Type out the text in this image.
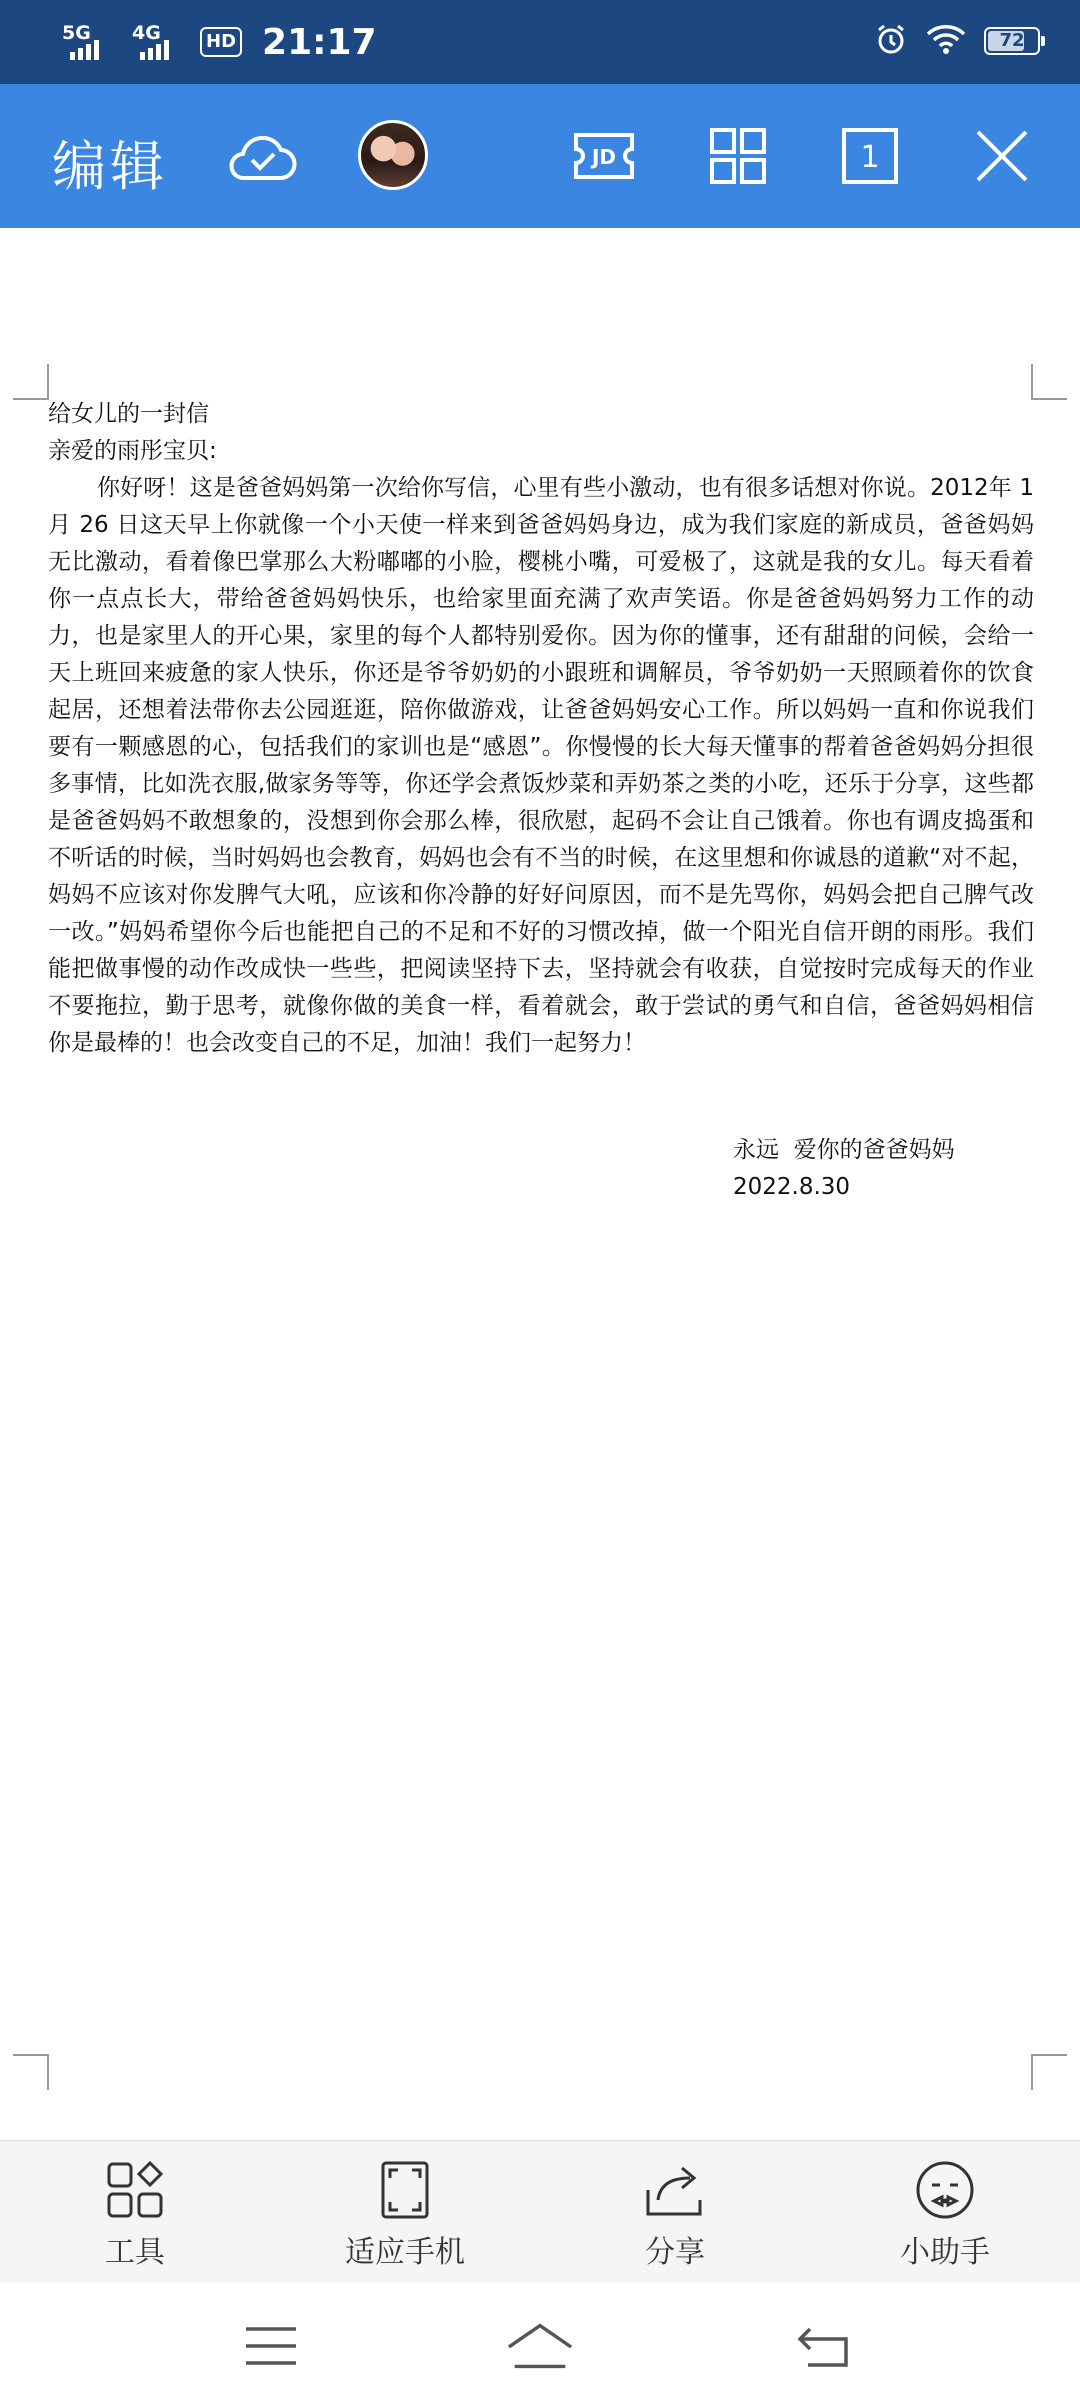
5G 4G	HD 21:17	72
编辑	JD	1

给女儿的一封信

亲爱的雨彤宝贝:

你好呀！这是爸爸妈妈第一次给你写信，心里有些小激动，也有很多话想对你说。2012年 1 月 26 日这天早上你就像一个小天使一样来到爸爸妈妈身边，成为我们家庭的新成员，爸爸妈妈无比激动，看着像巴掌那么大粉嘟嘟的小脸，樱桃小嘴，可爱极了，这就是我的女儿。每天看着你一点点长大，带给爸爸妈妈快乐，也给家里面充满了欢声笑语。你是爸爸妈妈努力工作的动力，也是家里人的开心果，家里的每个人都特别爱你。因为你的懂事，还有甜甜的问候，会给一天上班回来疲惫的家人快乐，你还是爷爷奶奶的小跟班和调解员，爷爷奶奶一天照顾着你的饮食起居，还想着法带你去公园逛逛，陪你做游戏，让爸爸妈妈安心工作。所以妈妈一直和你说我们要有一颗感恩的心，包括我们的家训也是“感恩”。你慢慢的长大每天懂事的帮着爸爸妈妈分担很多事情，比如洗衣服,做家务等等，你还学会煮饭炒菜和弄奶茶之类的小吃，还乐于分享，这些都是爸爸妈妈不敢想象的，没想到你会那么棒，很欣慰，起码不会让自己饿着。你也有调皮捣蛋和不听话的时候，当时妈妈也会教育，妈妈也会有不当的时候，在这里想和你诚恳的道歉“对不起，妈妈不应该对你发脾气大吼，应该和你冷静的好好问原因，而不是先骂你，妈妈会把自己脾气改一改。”妈妈希望你今后也能把自己的不足和不好的习惯改掉，做一个阳光自信开朗的雨彤。我们能把做事慢的动作改成快一些些，把阅读坚持下去，坚持就会有收获，自觉按时完成每天的作业不要拖拉，勤于思考，就像你做的美食一样，看着就会，敢于尝试的勇气和自信，爸爸妈妈相信你是最棒的！也会改变自己的不足，加油！我们一起努力！

永远  爱你的爸爸妈妈

2022.8.30

工具	适应手机	分享	小助手
